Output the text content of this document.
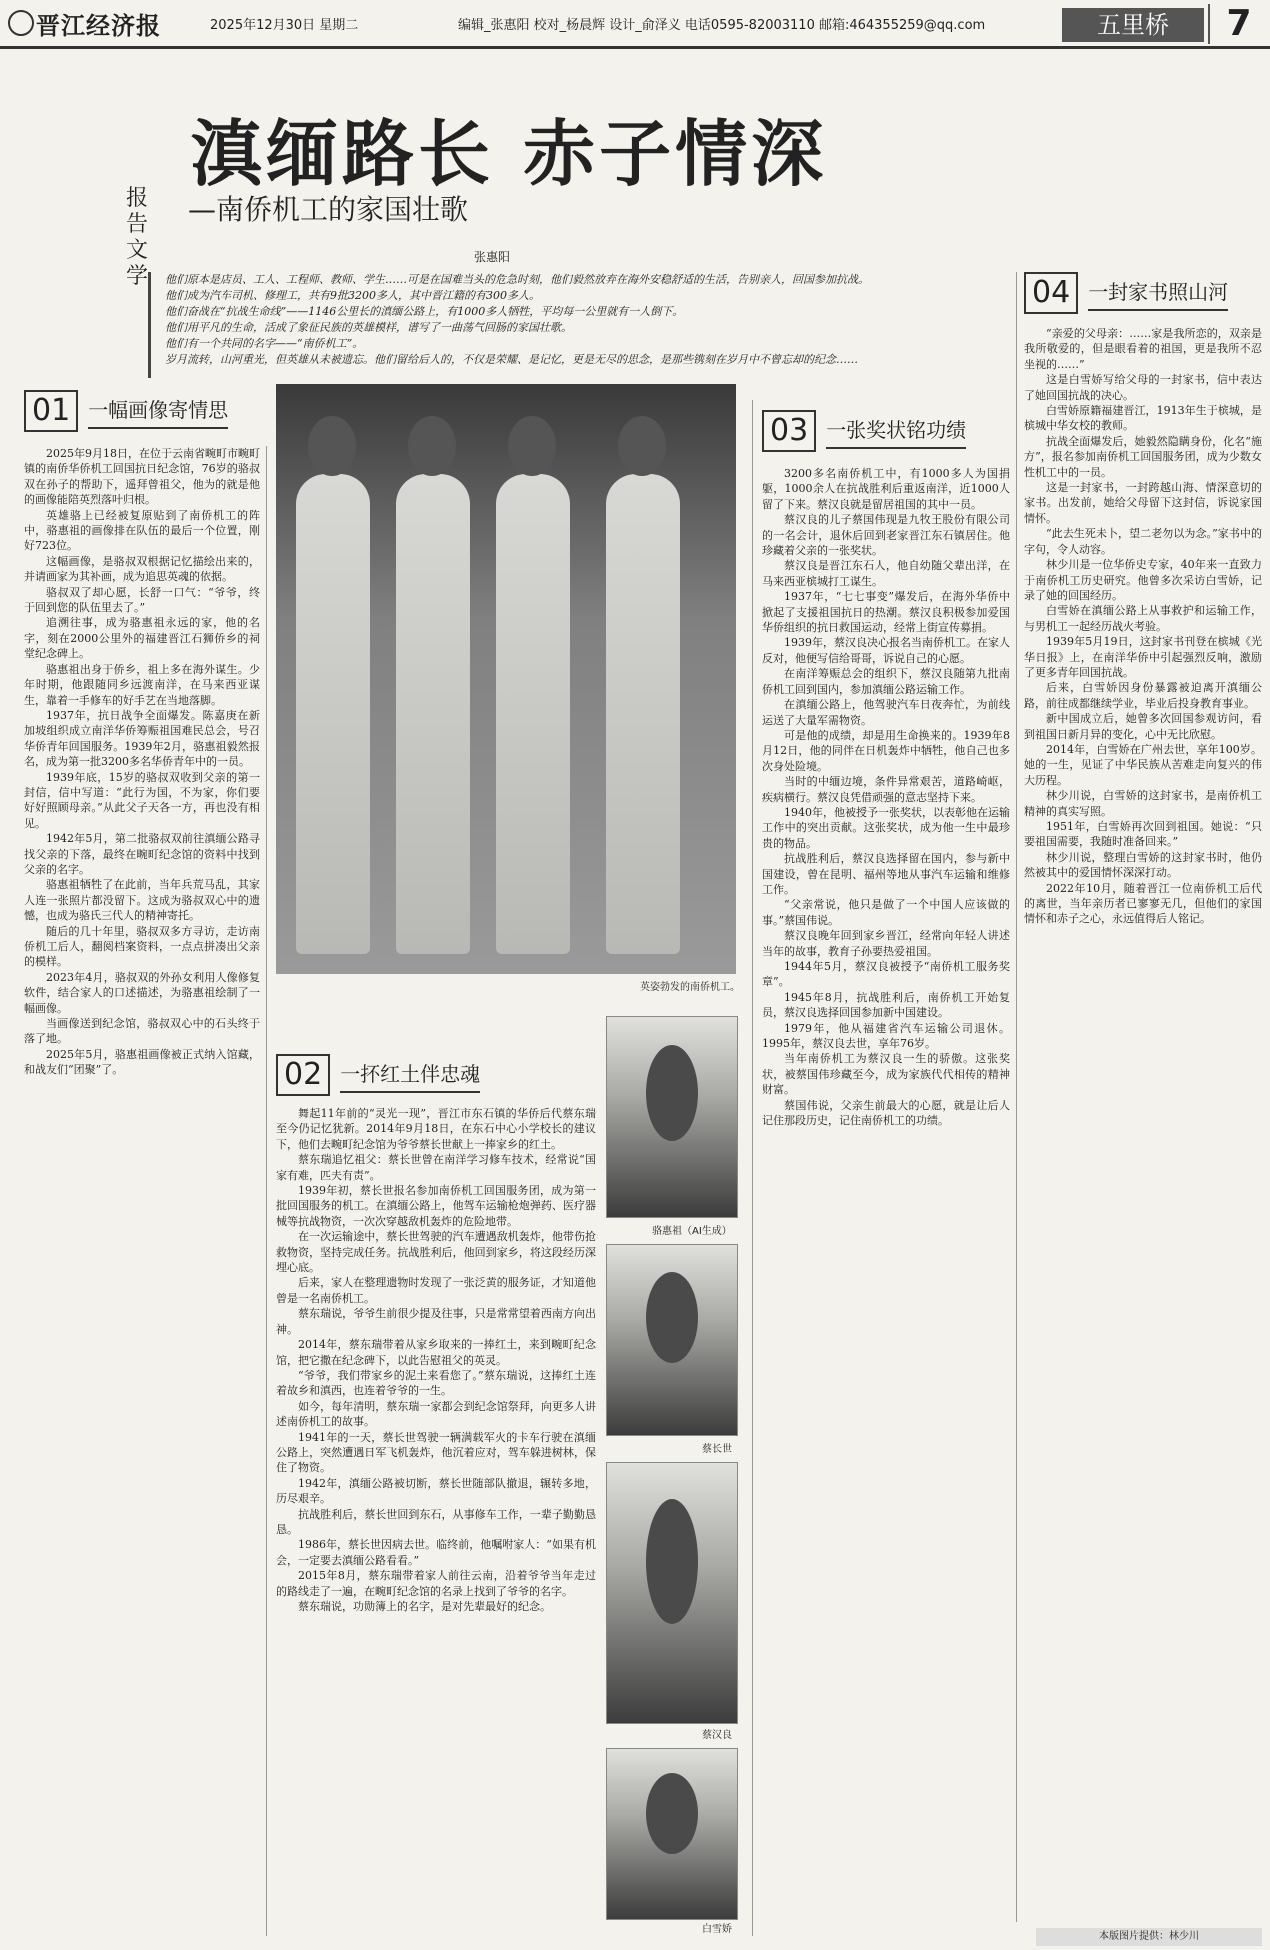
晋江经济报	2025年12月30日 星期二	编辑_张惠阳 校对_杨晨辉 设计_俞泽义 电话0595-82003110 邮箱:464355259@qq.com	五里桥	7
滇缅路长 赤子情深
报告文学
—南侨机工的家国壮歌
张惠阳

他们原本是店员、工人、工程师、教师、学生……可是在国难当头的危急时刻，他们毅然放弃在海外安稳舒适的生活，告别亲人，回国参加抗战。

他们成为汽车司机、修理工，共有9批3200多人，其中晋江籍的有300多人。

他们奋战在“抗战生命线”——1146公里长的滇缅公路上，有1000多人牺牲，平均每一公里就有一人倒下。

他们用平凡的生命，活成了象征民族的英雄模样，谱写了一曲荡气回肠的家国壮歌。

他们有一个共同的名字——“南侨机工”。

岁月流转，山河重光，但英雄从未被遗忘。他们留给后人的，不仅是荣耀、是记忆，更是无尽的思念，是那些镌刻在岁月中不曾忘却的纪念……

04 一封家书照山河
01 一幅画像寄情思
英姿勃发的南侨机工。
03 一张奖状铭功绩

2025年9月18日，在位于云南省畹町市畹町镇的南侨华侨机工回国抗日纪念馆，76岁的骆叔双在孙子的帮助下，遥拜曾祖父，他为的就是他的画像能陪英烈落叶归根。

英雄骆上已经被复原贴到了南侨机工的阵中，骆惠祖的画像排在队伍的最后一个位置，刚好723位。

这幅画像，是骆叔双根据记忆描绘出来的，并请画家为其补画，成为追思英魂的依据。

骆叔双了却心愿，长舒一口气：“爷爷，终于回到您的队伍里去了。”

追溯往事，成为骆惠祖永远的家，他的名字，刻在2000公里外的福建晋江石狮侨乡的祠堂纪念碑上。

骆惠祖出身于侨乡，祖上多在海外谋生。少年时期，他跟随同乡远渡南洋，在马来西亚谋生，靠着一手修车的好手艺在当地落脚。

1937年，抗日战争全面爆发。陈嘉庚在新加坡组织成立南洋华侨筹赈祖国难民总会，号召华侨青年回国服务。1939年2月，骆惠祖毅然报名，成为第一批3200多名华侨青年中的一员。

1939年底，15岁的骆叔双收到父亲的第一封信，信中写道：“此行为国，不为家，你们要好好照顾母亲。”从此父子天各一方，再也没有相见。

1942年5月，第二批骆叔双前往滇缅公路寻找父亲的下落，最终在畹町纪念馆的资料中找到父亲的名字。

骆惠祖牺牲了在此前，当年兵荒马乱，其家人连一张照片都没留下。这成为骆叔双心中的遗憾，也成为骆氏三代人的精神寄托。

随后的几十年里，骆叔双多方寻访，走访南侨机工后人，翻阅档案资料，一点点拼凑出父亲的模样。

2023年4月，骆叔双的外孙女利用人像修复软件，结合家人的口述描述，为骆惠祖绘制了一幅画像。

当画像送到纪念馆，骆叔双心中的石头终于落了地。

2025年5月，骆惠祖画像被正式纳入馆藏，和战友们“团聚”了。	02 一抔红土伴忠魂

舞起11年前的“灵光一现”，晋江市东石镇的华侨后代蔡东瑞至今仍记忆犹新。2014年9月18日，在东石中心小学校长的建议下，他们去畹町纪念馆为爷爷蔡长世献上一捧家乡的红土。

蔡东瑞追忆祖父：蔡长世曾在南洋学习修车技术，经常说“国家有难，匹夫有责”。

1939年初，蔡长世报名参加南侨机工回国服务团，成为第一批回国服务的机工。在滇缅公路上，他驾车运输枪炮弹药、医疗器械等抗战物资，一次次穿越敌机轰炸的危险地带。

在一次运输途中，蔡长世驾驶的汽车遭遇敌机轰炸，他带伤抢救物资，坚持完成任务。抗战胜利后，他回到家乡，将这段经历深埋心底。

后来，家人在整理遗物时发现了一张泛黄的服务证，才知道他曾是一名南侨机工。

蔡东瑞说，爷爷生前很少提及往事，只是常常望着西南方向出神。

2014年，蔡东瑞带着从家乡取来的一捧红土，来到畹町纪念馆，把它撒在纪念碑下，以此告慰祖父的英灵。

“爷爷，我们带家乡的泥土来看您了。”蔡东瑞说，这捧红土连着故乡和滇西，也连着爷爷的一生。

如今，每年清明，蔡东瑞一家都会到纪念馆祭拜，向更多人讲述南侨机工的故事。

1941年的一天，蔡长世驾驶一辆满载军火的卡车行驶在滇缅公路上，突然遭遇日军飞机轰炸，他沉着应对，驾车躲进树林，保住了物资。

1942年，滇缅公路被切断，蔡长世随部队撤退，辗转多地，历尽艰辛。

抗战胜利后，蔡长世回到东石，从事修车工作，一辈子勤勤恳恳。

1986年，蔡长世因病去世。临终前，他嘱咐家人：“如果有机会，一定要去滇缅公路看看。”

2015年8月，蔡东瑞带着家人前往云南，沿着爷爷当年走过的路线走了一遍，在畹町纪念馆的名录上找到了爷爷的名字。

蔡东瑞说，功勋簿上的名字，是对先辈最好的纪念。

骆惠祖（AI生成）
蔡长世
蔡汉良
白雪娇

3200多名南侨机工中，有1000多人为国捐躯，1000余人在抗战胜利后重返南洋，近1000人留了下来。蔡汉良就是留居祖国的其中一员。

蔡汉良的儿子蔡国伟现是九牧王股份有限公司的一名会计，退休后回到老家晋江东石镇居住。他珍藏着父亲的一张奖状。

蔡汉良是晋江东石人，他自幼随父辈出洋，在马来西亚槟城打工谋生。

1937年，“七七事变”爆发后，在海外华侨中掀起了支援祖国抗日的热潮。蔡汉良积极参加爱国华侨组织的抗日救国运动，经常上街宣传募捐。

1939年，蔡汉良决心报名当南侨机工。在家人反对，他便写信给哥哥，诉说自己的心愿。

在南洋筹赈总会的组织下，蔡汉良随第九批南侨机工回到国内，参加滇缅公路运输工作。

在滇缅公路上，他驾驶汽车日夜奔忙，为前线运送了大量军需物资。

可是他的成绩，却是用生命换来的。1939年8月12日，他的同伴在日机轰炸中牺牲，他自己也多次身处险境。

当时的中缅边境，条件异常艰苦，道路崎岖，疾病横行。蔡汉良凭借顽强的意志坚持下来。

1940年，他被授予一张奖状，以表彰他在运输工作中的突出贡献。这张奖状，成为他一生中最珍贵的物品。

抗战胜利后，蔡汉良选择留在国内，参与新中国建设，曾在昆明、福州等地从事汽车运输和维修工作。

“父亲常说，他只是做了一个中国人应该做的事。”蔡国伟说。

蔡汉良晚年回到家乡晋江，经常向年轻人讲述当年的故事，教育子孙要热爱祖国。

1944年5月，蔡汉良被授予“南侨机工服务奖章”。

1945年8月，抗战胜利后，南侨机工开始复员，蔡汉良选择回国参加新中国建设。

1979年，他从福建省汽车运输公司退休。1995年，蔡汉良去世，享年76岁。

当年南侨机工为蔡汉良一生的骄傲。这张奖状，被蔡国伟珍藏至今，成为家族代代相传的精神财富。

蔡国伟说，父亲生前最大的心愿，就是让后人记住那段历史，记住南侨机工的功绩。

“亲爱的父母亲：……家是我所恋的，双亲是我所敬爱的，但是眼看着的祖国，更是我所不忍坐视的……”

这是白雪娇写给父母的一封家书，信中表达了她回国抗战的决心。

白雪娇原籍福建晋江，1913年生于槟城，是槟城中华女校的教师。

抗战全面爆发后，她毅然隐瞒身份，化名“施方”，报名参加南侨机工回国服务团，成为少数女性机工中的一员。

这是一封家书，一封跨越山海、情深意切的家书。出发前，她给父母留下这封信，诉说家国情怀。

“此去生死未卜，望二老勿以为念。”家书中的字句，令人动容。

林少川是一位华侨史专家，40年来一直致力于南侨机工历史研究。他曾多次采访白雪娇，记录了她的回国经历。

白雪娇在滇缅公路上从事救护和运输工作，与男机工一起经历战火考验。

1939年5月19日，这封家书刊登在槟城《光华日报》上，在南洋华侨中引起强烈反响，激励了更多青年回国抗战。

后来，白雪娇因身份暴露被迫离开滇缅公路，前往成都继续学业，毕业后投身教育事业。

新中国成立后，她曾多次回国参观访问，看到祖国日新月异的变化，心中无比欣慰。

2014年，白雪娇在广州去世，享年100岁。她的一生，见证了中华民族从苦难走向复兴的伟大历程。

林少川说，白雪娇的这封家书，是南侨机工精神的真实写照。

1951年，白雪娇再次回到祖国。她说：“只要祖国需要，我随时准备回来。”

林少川说，整理白雪娇的这封家书时，他仍然被其中的爱国情怀深深打动。

2022年10月，随着晋江一位南侨机工后代的离世，当年亲历者已寥寥无几，但他们的家国情怀和赤子之心，永远值得后人铭记。

本版图片提供：林少川
